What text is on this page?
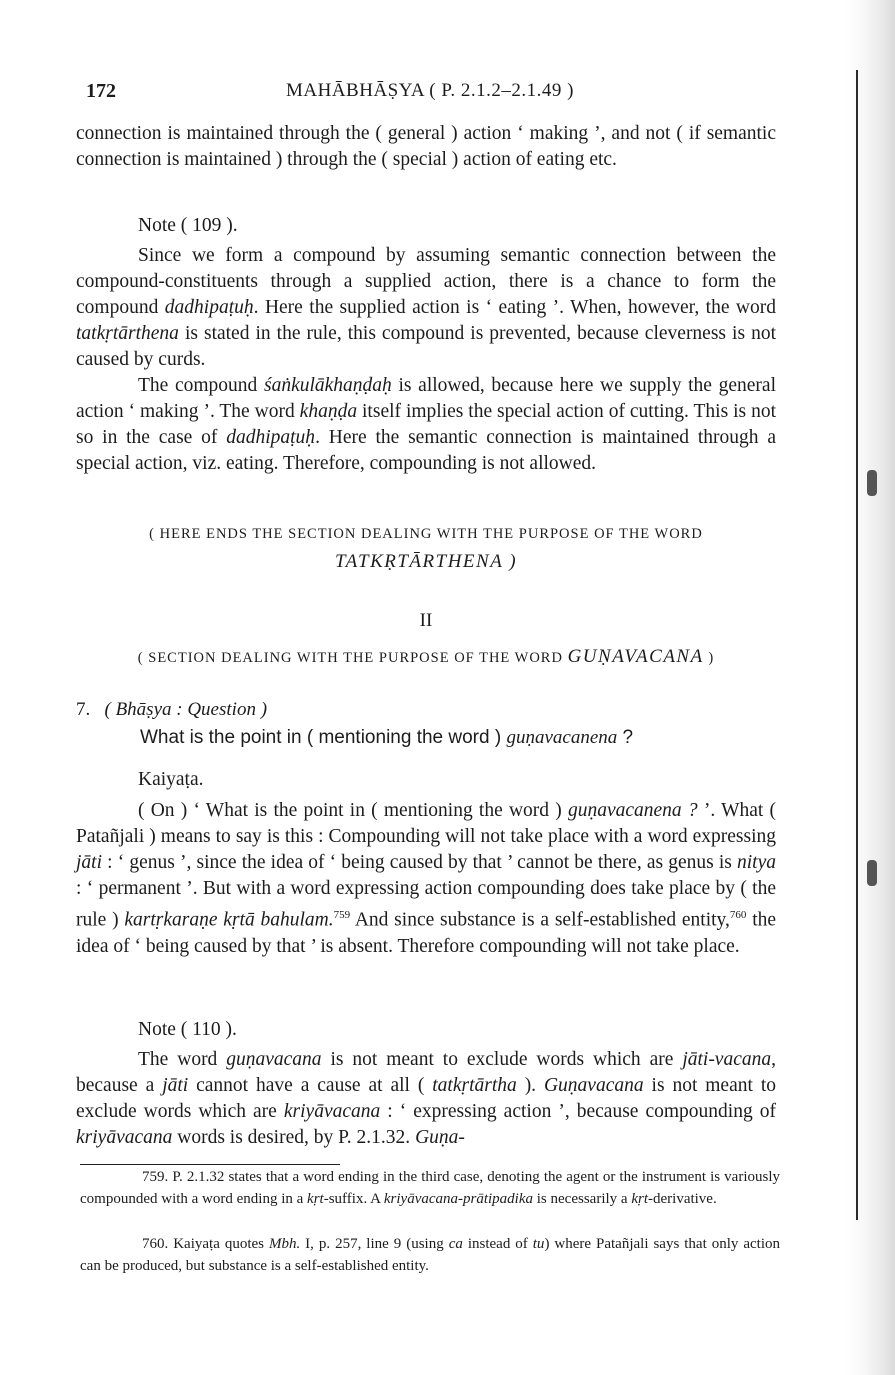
172	MAHĀBHĀṢYA ( P. 2.1.2–2.1.49 )
connection is maintained through the ( general ) action ‘ making ’, and not ( if semantic connection is maintained ) through the ( special ) action of eating etc.
Note ( 109 ).
Since we form a compound by assuming semantic connection between the compound-constituents through a supplied action, there is a chance to form the compound dadhipaṭuḥ. Here the supplied action is ‘ eating ’. When, however, the word tatkṛtārthena is stated in the rule, this compound is prevented, because cleverness is not caused by curds.
The compound śaṅkulākhaṇḍaḥ is allowed, because here we supply the general action ‘ making ’. The word khaṇḍa itself implies the special action of cutting. This is not so in the case of dadhipaṭuḥ. Here the semantic connection is maintained through a special action, viz. eating. Therefore, compounding is not allowed.
( HERE ENDS THE SECTION DEALING WITH THE PURPOSE OF THE WORD
TATKṚTĀRTHENA )
II
( SECTION DEALING WITH THE PURPOSE OF THE WORD GUṆAVACANA )
7. ( Bhāṣya : Question )
What is the point in ( mentioning the word ) guṇavacanena ?
Kaiyaṭa.
( On ) ‘ What is the point in ( mentioning the word ) guṇavacanena ? ’. What ( Patañjali ) means to say is this : Compounding will not take place with a word expressing jāti : ‘ genus ’, since the idea of ‘ being caused by that ’ cannot be there, as genus is nitya : ‘ permanent ’. But with a word expressing action compounding does take place by ( the rule ) kartṛkaraṇe kṛtā bahulam.$^{759}$ And since substance is a self-established entity,$^{760}$ the idea of ‘ being caused by that ’ is absent. Therefore compounding will not take place.
Note ( 110 ).
The word guṇavacana is not meant to exclude words which are jāti-vacana, because a jāti cannot have a cause at all ( tatkṛtārtha ). Guṇavacana is not meant to exclude words which are kriyāvacana : ‘ expressing action ’, because compounding of kriyāvacana words is desired, by P. 2.1.32. Guṇa-
759. P. 2.1.32 states that a word ending in the third case, denoting the agent or the instrument is variously compounded with a word ending in a kṛt-suffix. A kriyāvacana-prātipadika is necessarily a kṛt-derivative.
760. Kaiyaṭa quotes Mbh. I, p. 257, line 9 (using ca instead of tu) where Patañjali says that only action can be produced, but substance is a self-established entity.
